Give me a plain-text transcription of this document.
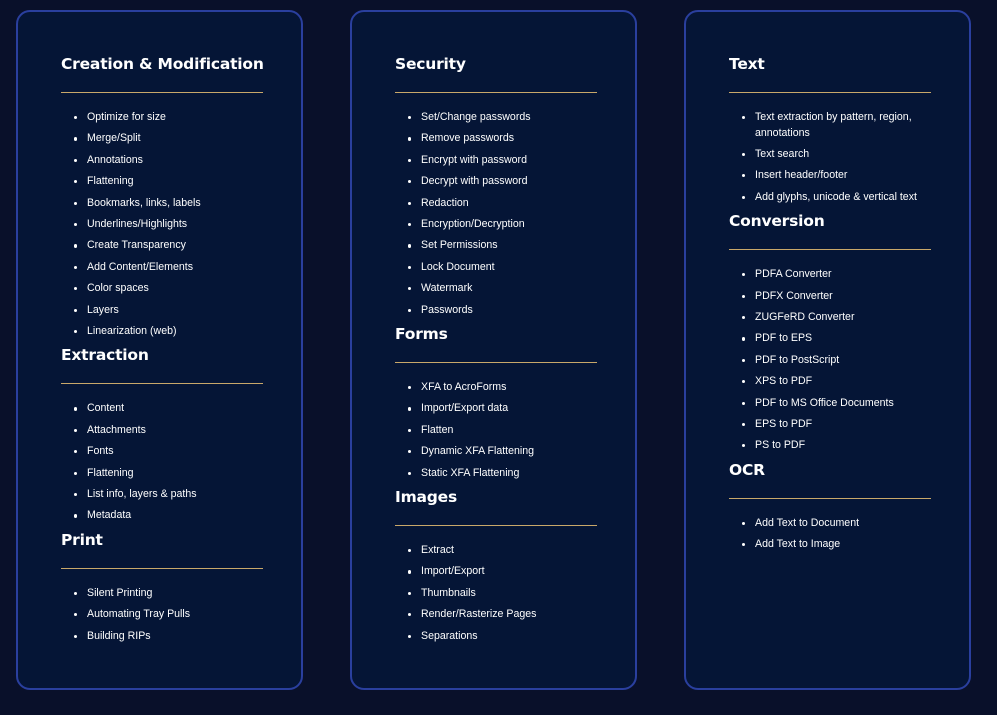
Creation & Modification
Optimize for size
Merge/Split
Annotations
Flattening
Bookmarks, links, labels
Underlines/Highlights
Create Transparency
Add Content/Elements
Color spaces
Layers
Linearization (web)
Extraction
Content
Attachments
Fonts
Flattening
List info, layers & paths
Metadata
Print
Silent Printing
Automating Tray Pulls
Building RIPs
Security
Set/Change passwords
Remove passwords
Encrypt with password
Decrypt with password
Redaction
Encryption/Decryption
Set Permissions
Lock Document
Watermark
Passwords
Forms
XFA to AcroForms
Import/Export data
Flatten
Dynamic XFA Flattening
Static XFA Flattening
Images
Extract
Import/Export
Thumbnails
Render/Rasterize Pages
Separations
Text
Text extraction by pattern, region, annotations
Text search
Insert header/footer
Add glyphs, unicode & vertical text
Conversion
PDFA Converter
PDFX Converter
ZUGFeRD Converter
PDF to EPS
PDF to PostScript
XPS to PDF
PDF to MS Office Documents
EPS to PDF
PS to PDF
OCR
Add Text to Document
Add Text to Image
